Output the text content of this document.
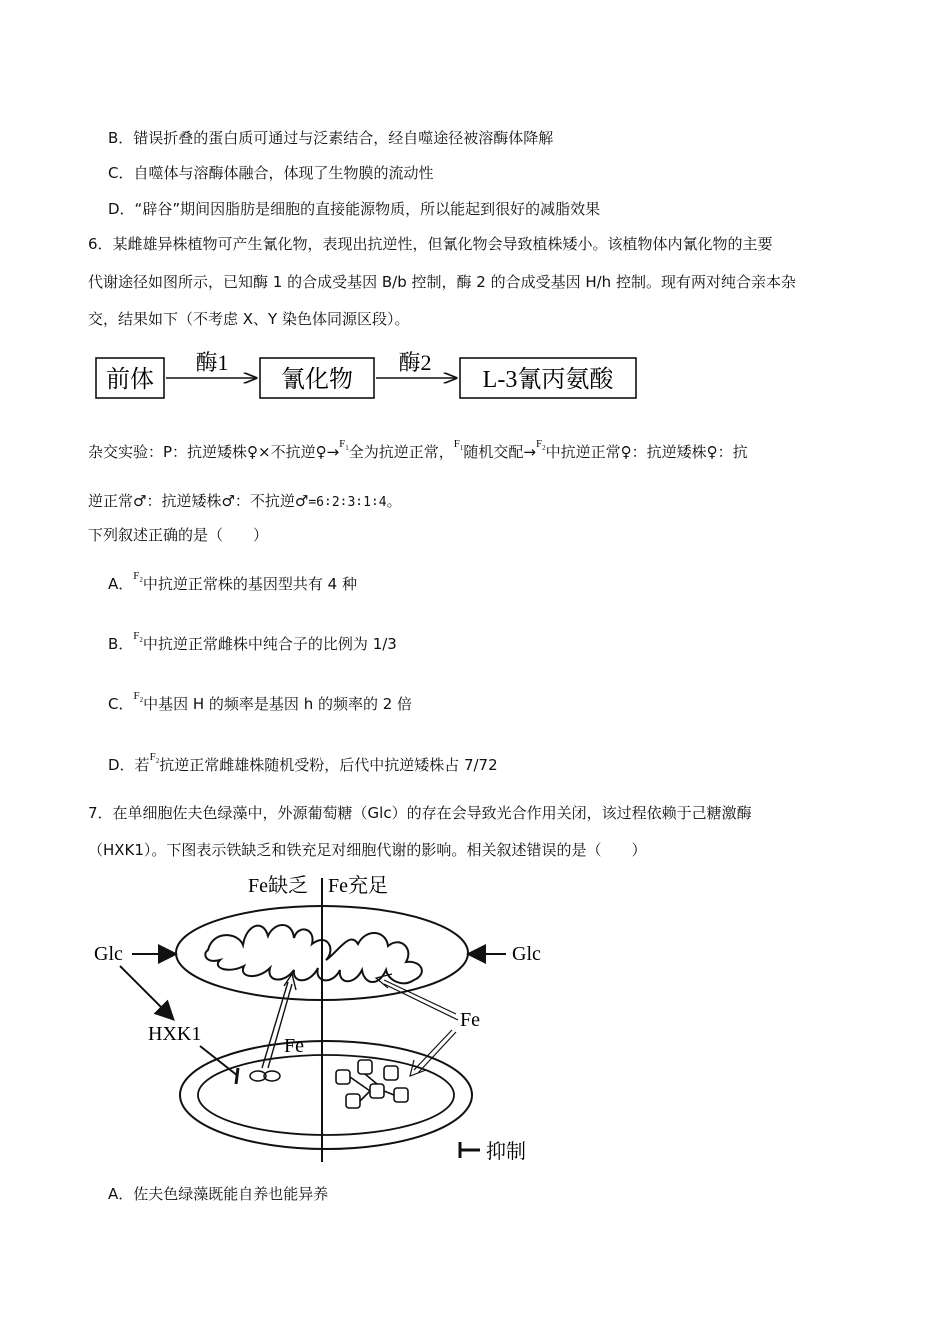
B．错误折叠的蛋白质可通过与泛素结合，经自噬途径被溶酶体降解
C．自噬体与溶酶体融合，体现了生物膜的流动性
D．“辟谷”期间因脂肪是细胞的直接能源物质，所以能起到很好的减脂效果
6．某雌雄异株植物可产生氰化物，表现出抗逆性，但氰化物会导致植株矮小。该植物体内氰化物的主要
代谢途径如图所示，已知酶 1 的合成受基因 B/b 控制，酶 2 的合成受基因 H/h 控制。现有两对纯合亲本杂
交，结果如下（不考虑 X、Y 染色体同源区段）。
前体
酶1
氰化物
酶2
L-3氰丙氨酸
杂交实验：P：抗逆矮株♀×不抗逆♀→$^{F_1}$全为抗逆正常，$^{F_1}$随机交配→$^{F_2}$中抗逆正常♀：抗逆矮株♀：抗
逆正常♂：抗逆矮株♂：不抗逆♂=6∶2∶3∶1∶4。
下列叙述正确的是（　　）
A．$^{F_2}$中抗逆正常株的基因型共有 4 种
B．$^{F_2}$中抗逆正常雌株中纯合子的比例为 1/3
C．$^{F_2}$中基因 H 的频率是基因 h 的频率的 2 倍
D．若$^{F_2}$抗逆正常雌雄株随机受粉，后代中抗逆矮株占 7/72
7．在单细胞佐夫色绿藻中，外源葡萄糖（Glc）的存在会导致光合作用关闭，该过程依赖于己糖激酶
（HXK1）。下图表示铁缺乏和铁充足对细胞代谢的影响。相关叙述错误的是（　　）
Fe缺乏 Fe充足
Glc	Glc
HXK1
Fe
Fe
抑制
A．佐夫色绿藻既能自养也能异养
